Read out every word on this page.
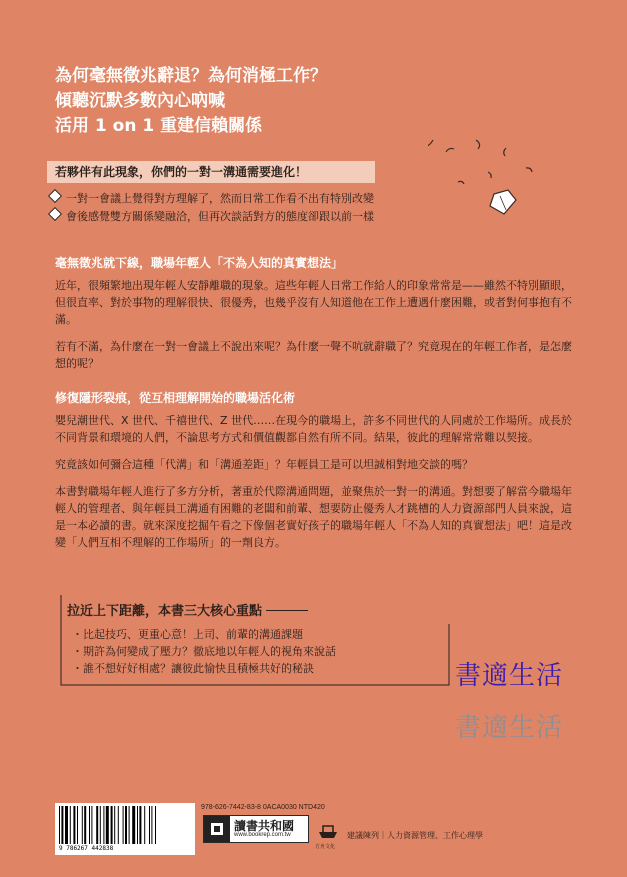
為何毫無徵兆辭退？為何消極工作？
傾聽沉默多數內心吶喊
活用 1 on 1 重建信賴關係
若夥伴有此現象，你們的一對一溝通需要進化！
一對一會議上覺得對方理解了，然而日常工作看不出有特別改變
會後感覺雙方關係變融洽，但再次談話對方的態度卻跟以前一樣
毫無徵兆就下線，職場年輕人「不為人知的真實想法」

近年，很頻繁地出現年輕人安靜離職的現象。這些年輕人日常工作給人的印象常常是——雖然不特別顯眼，但很直率、對於事物的理解很快、很優秀，也幾乎沒有人知道他在工作上遭遇什麼困難，或者對何事抱有不滿。

若有不滿，為什麼在一對一會議上不說出來呢？為什麼一聲不吭就辭職了？究竟現在的年輕工作者，是怎麼想的呢？

修復隱形裂痕，從互相理解開始的職場活化術

嬰兒潮世代、X 世代、千禧世代、Z 世代……在現今的職場上，許多不同世代的人同處於工作場所。成長於不同背景和環境的人們，不論思考方式和價值觀都自然有所不同。結果，彼此的理解常常難以契接。

究竟該如何彌合這種「代溝」和「溝通差距」？年輕員工是可以坦誠相對地交談的嗎？

本書對職場年輕人進行了多方分析，著重於代際溝通問題，並聚焦於一對一的溝通。對想要了解當今職場年輕人的管理者、與年輕員工溝通有困難的老闆和前輩、想要防止優秀人才跳槽的人力資源部門人員來說，這是一本必讀的書。就來深度挖掘午看之下像個老實好孩子的職場年輕人「不為人知的真實想法」吧！這是改變「人們互相不理解的工作場所」的一劑良方。

拉近上下距離，本書三大核心重點
・比起技巧、更重心意！上司、前輩的溝通課題
・期許為何變成了壓力？徹底地以年輕人的視角來說話
・誰不想好好相處？讓彼此愉快且積極共好的秘訣	書適生活
書適生活
9 786267 442838
978-626-7442-83-8 0ACA0030 NTD420
讀書共和國
www.bookrep.com.tw
方舟文化
建議陳列｜人力資源管理、工作心理學
